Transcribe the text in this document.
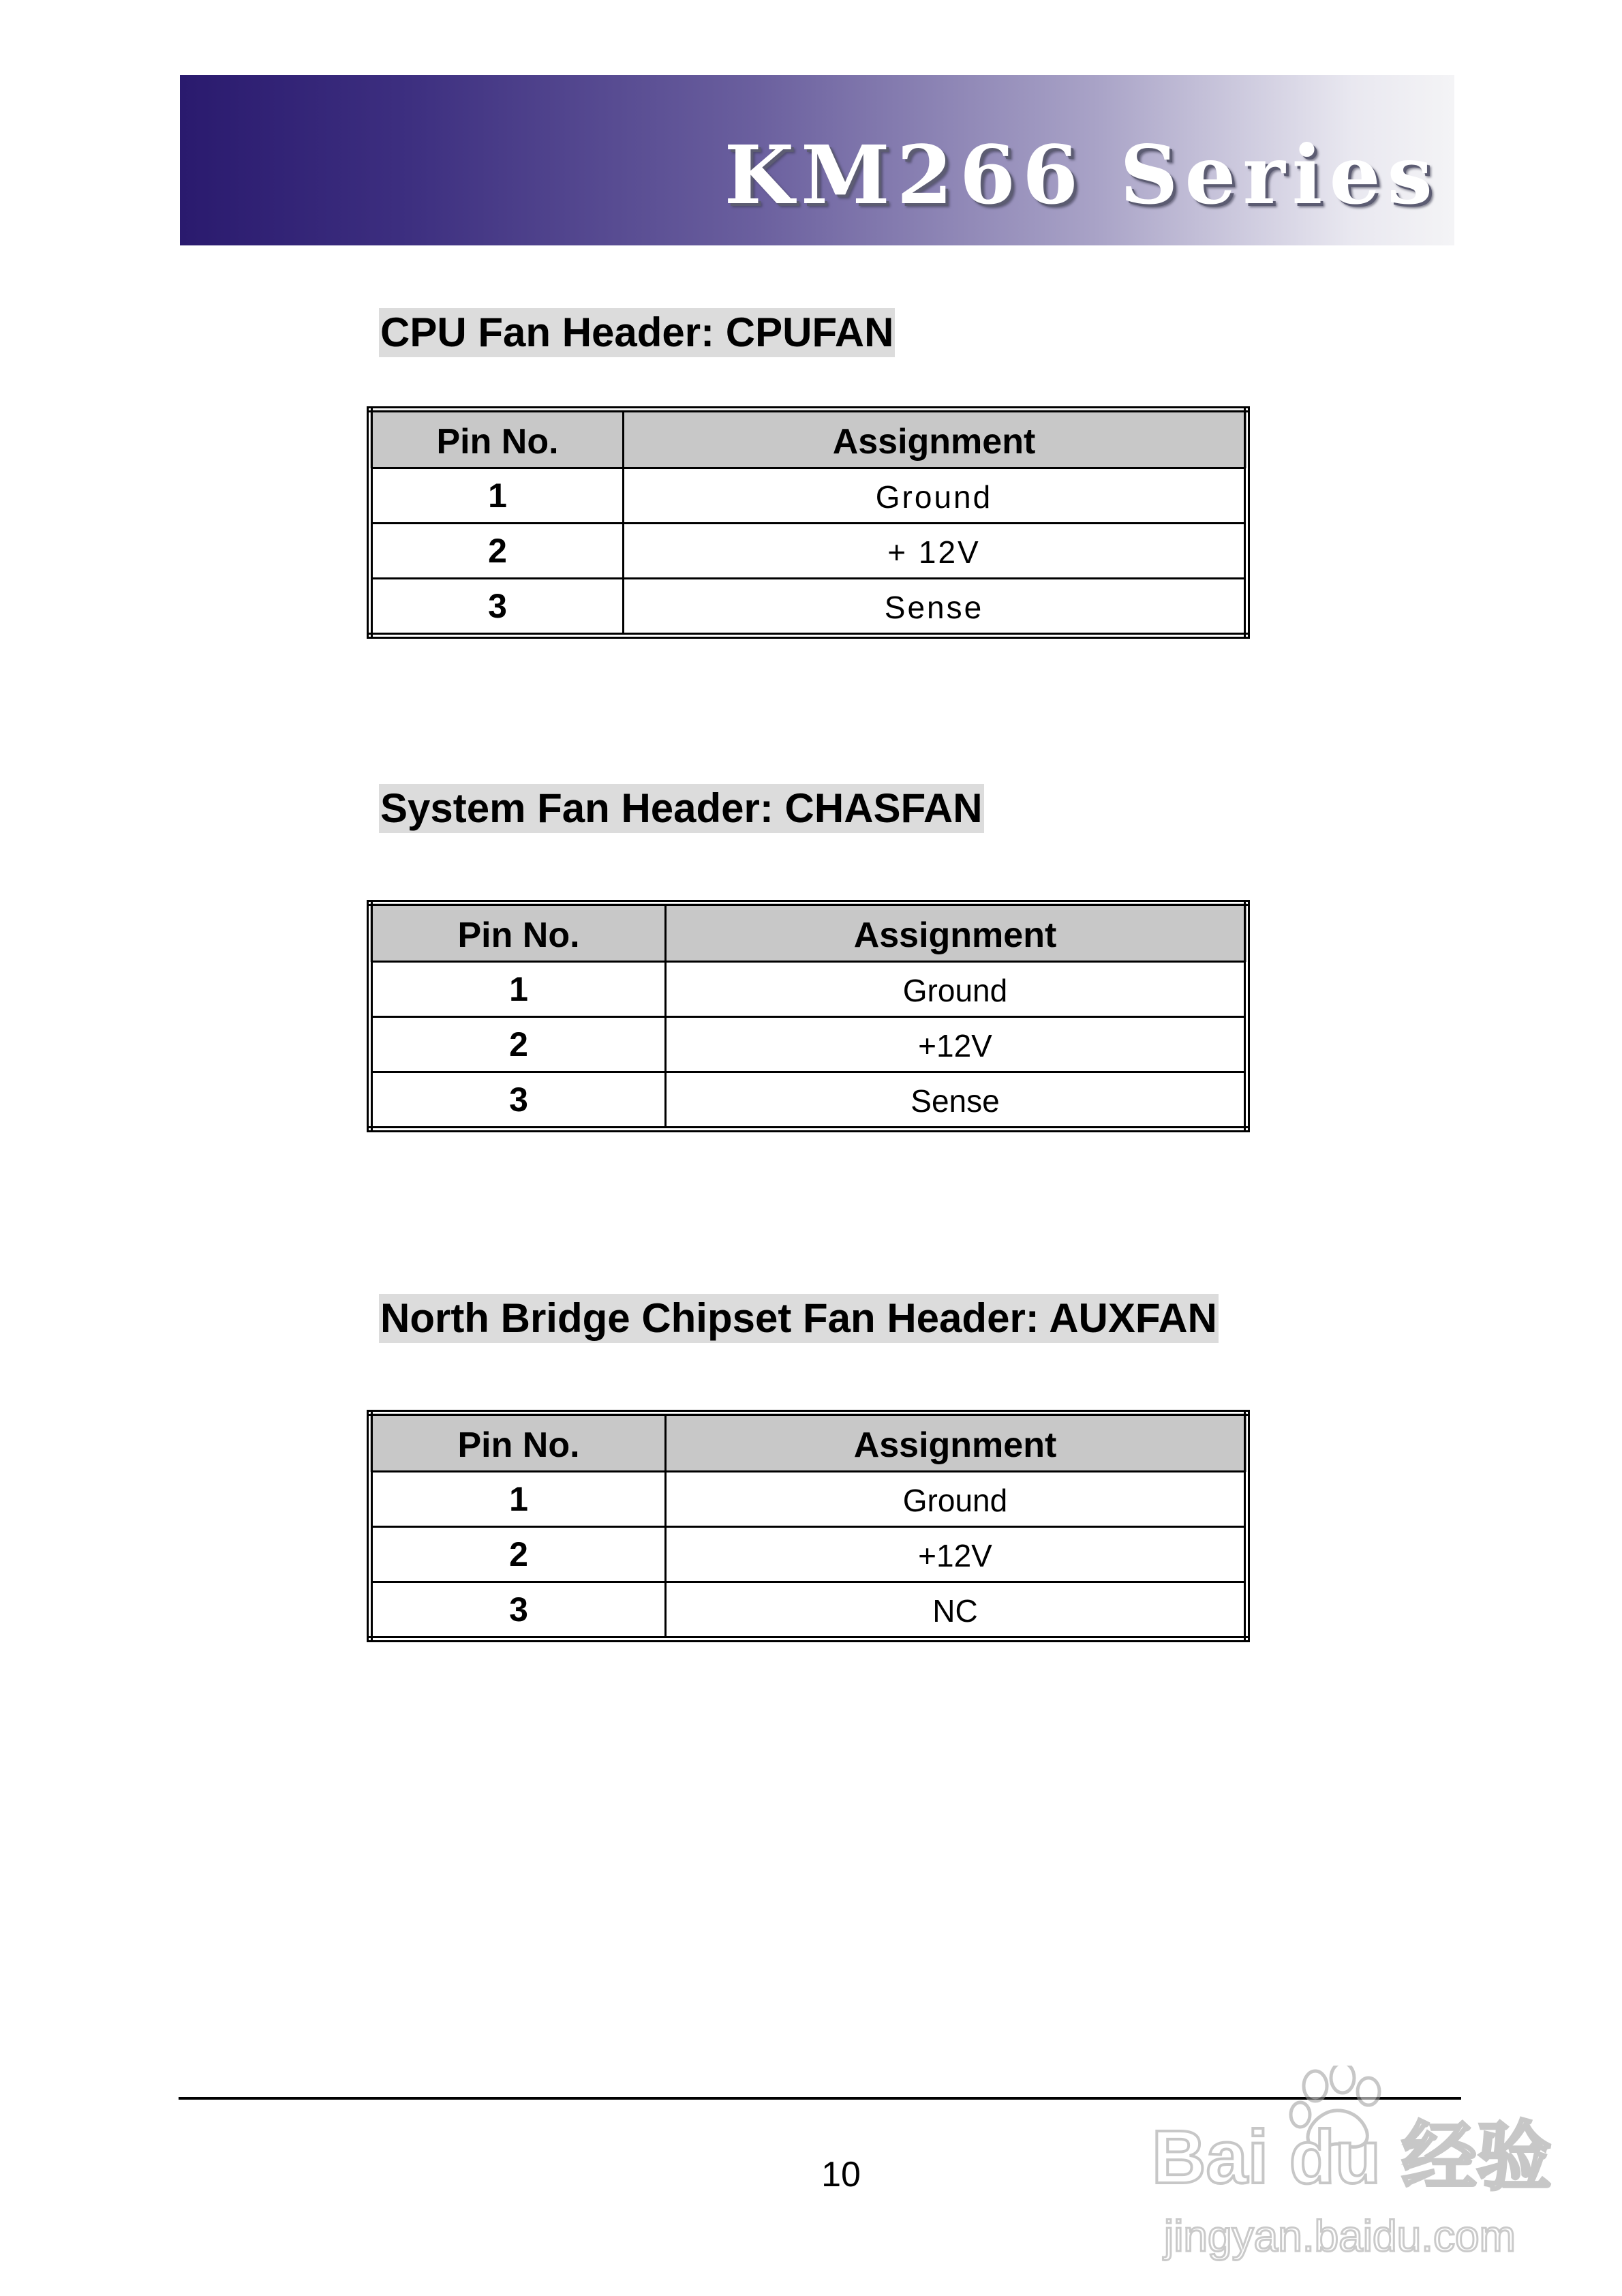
KM266 Series
CPU Fan Header: CPUFAN
Pin No.	Assignment
1	Ground
2	+ 12V
3	Sense
System Fan Header: CHASFAN
Pin No.	Assignment
1	Ground
2	+12V
3	Sense
North Bridge Chipset Fan Header: AUXFAN
Pin No.	Assignment
1	Ground
2	+12V
3	NC
10	Bai du 经验
jingyan.baidu.com
